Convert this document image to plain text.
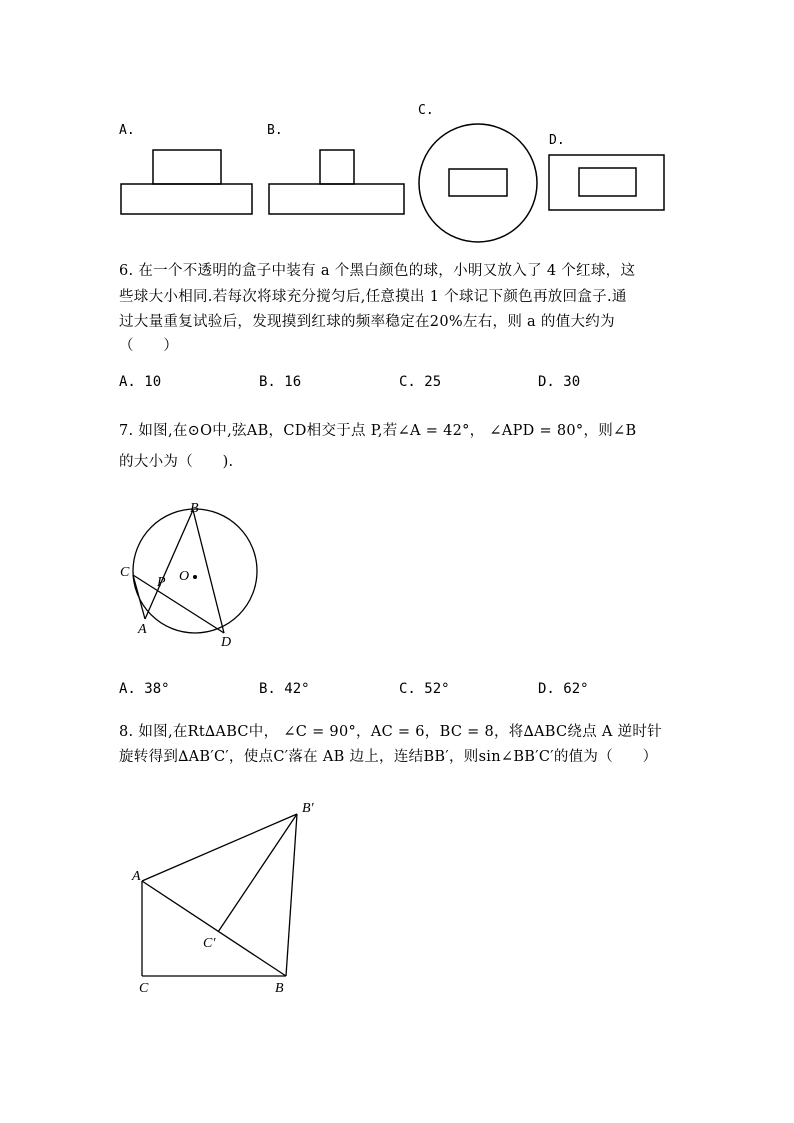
A.	B.
C.
D.
6. 在一个不透明的盒子中装有 a 个黑白颜色的球，小明又放入了 4 个红球，这
些球大小相同.若每次将球充分搅匀后,任意摸出 1 个球记下颜色再放回盒子.通
过大量重复试验后，发现摸到红球的频率稳定在20%左右，则 a 的值大约为
（　　）
A. 10	B. 16	C. 25	D. 30
7. 如图,在⊙O中,弦AB，CD相交于点 P,若∠A = 42°， ∠APD = 80°，则∠B
的大小为（　　).
B
C
P O
A
D
A. 38°	B. 42°	C. 52°	D. 62°
8. 如图,在Rt∆ABC中， ∠C = 90°，AC = 6，BC = 8，将∆ABC绕点 A 逆时针
旋转得到∆AB′C′，使点C′落在 AB 边上，连结BB′，则sin∠BB′C′的值为（　　）
B′
A
C′
C	B
